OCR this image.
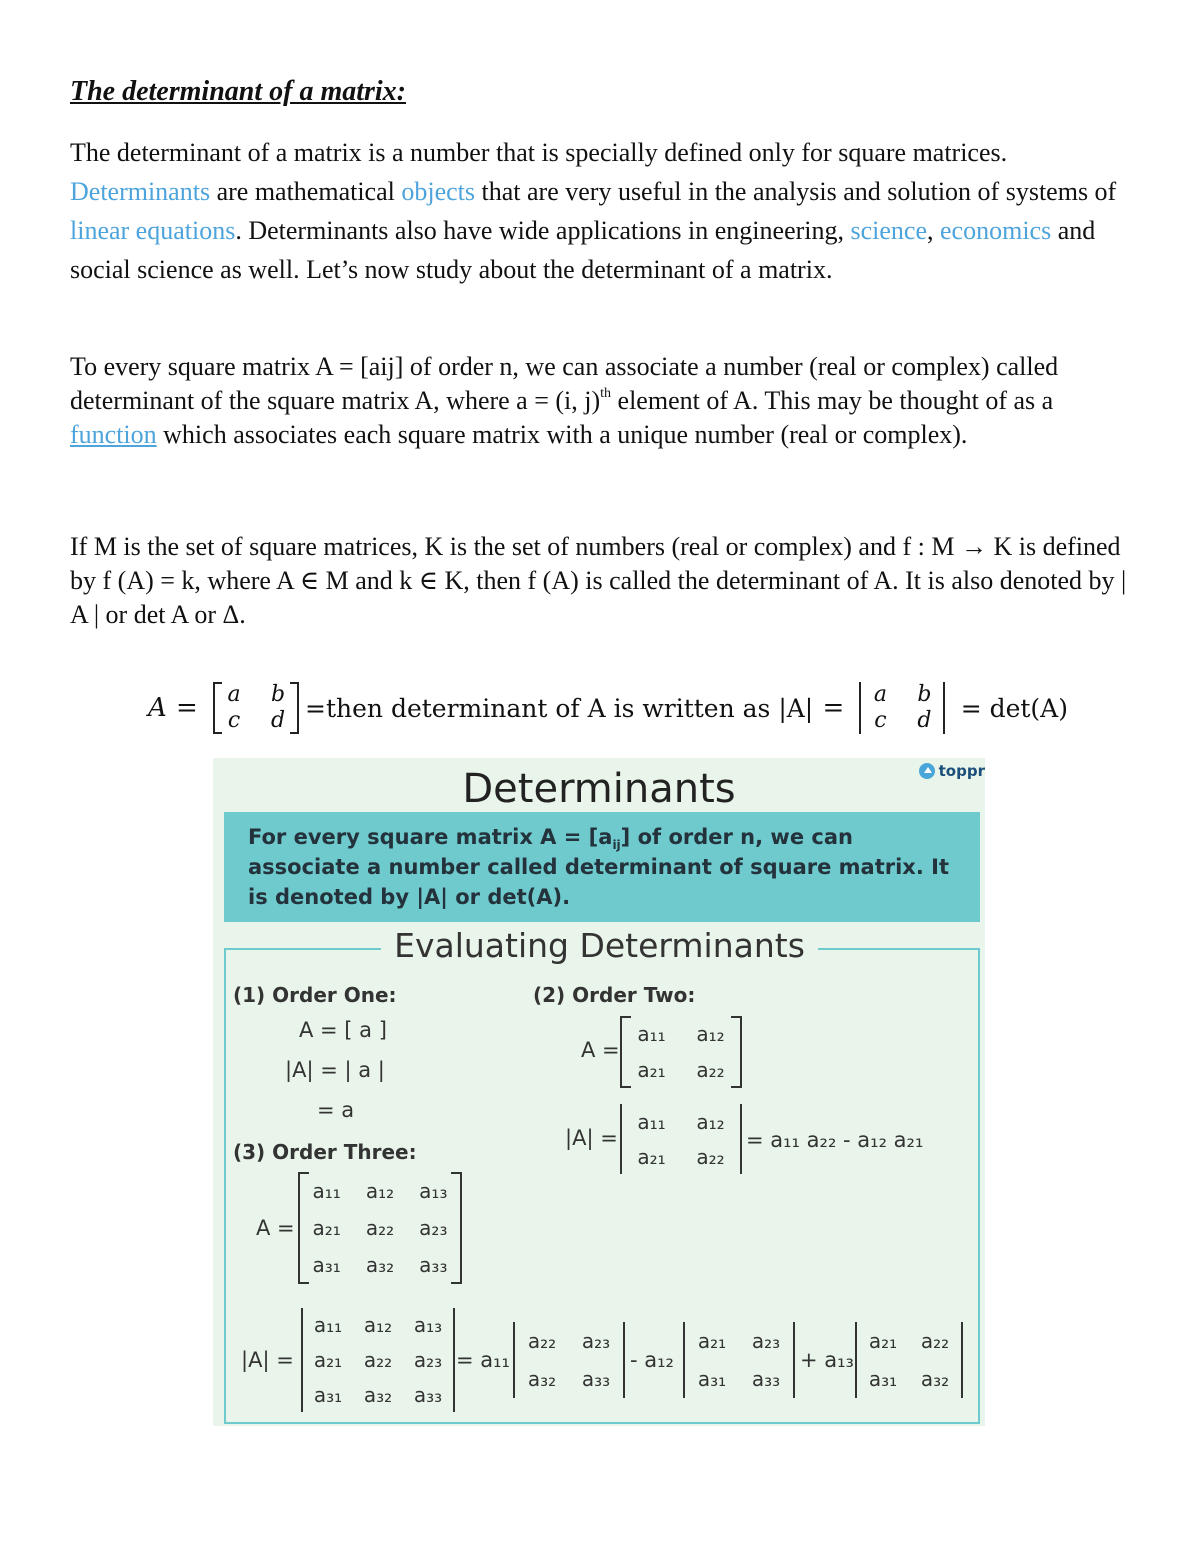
The determinant of a matrix:

The determinant of a matrix is a number that is specially defined only for square matrices. Determinants are mathematical objects that are very useful in the analysis and solution of systems of linear equations. Determinants also have wide applications in engineering, science, economics and social science as well. Let’s now study about the determinant of a matrix.

To every square matrix A = [aij] of order n, we can associate a number (real or complex) called determinant of the square matrix A, where a = (i, j)$^{th}$ element of A. This may be thought of as a function which associates each square matrix with a unique number (real or complex).

If M is the set of square matrices, K is the set of numbers (real or complex) and f : M → K is defined by f (A) = k, where A ∈ M and k ∈ K, then f (A) is called the determinant of A. It is also denoted by | A | or det A or Δ.

A = a b
c	d =then determinant of A is written as |A| = a b
c	d = det(A)
Determinants	toppr

For every square matrix $A = [a_{ij}]$ of order n, we can associate a number called determinant of square matrix. It is denoted by |A| or det(A).

Evaluating Determinants
(1) Order One:
A = [ a ]
|A| = | a |
= a
(2) Order Two:
A =
a₁₁ a₁₂
a₂₁ a₂₂
|A| =
a₁₁ a₁₂
a₂₁ a₂₂
= a₁₁ a₂₂ - a₁₂ a₂₁
(3) Order Three:
A =
a₁₁ a₁₂ a₁₃
a₂₁ a₂₂ a₂₃
a₃₁ a₃₂ a₃₃
|A| =
a₁₁ a₁₂ a₁₃
a₂₁ a₂₂ a₂₃
a₃₁ a₃₂ a₃₃
= a₁₁
a₂₂ a₂₃
a₃₂ a₃₃
- a₁₂
a₂₁ a₂₃
a₃₁ a₃₃
+ a₁₃
a₂₁ a₂₂
a₃₁ a₃₂
